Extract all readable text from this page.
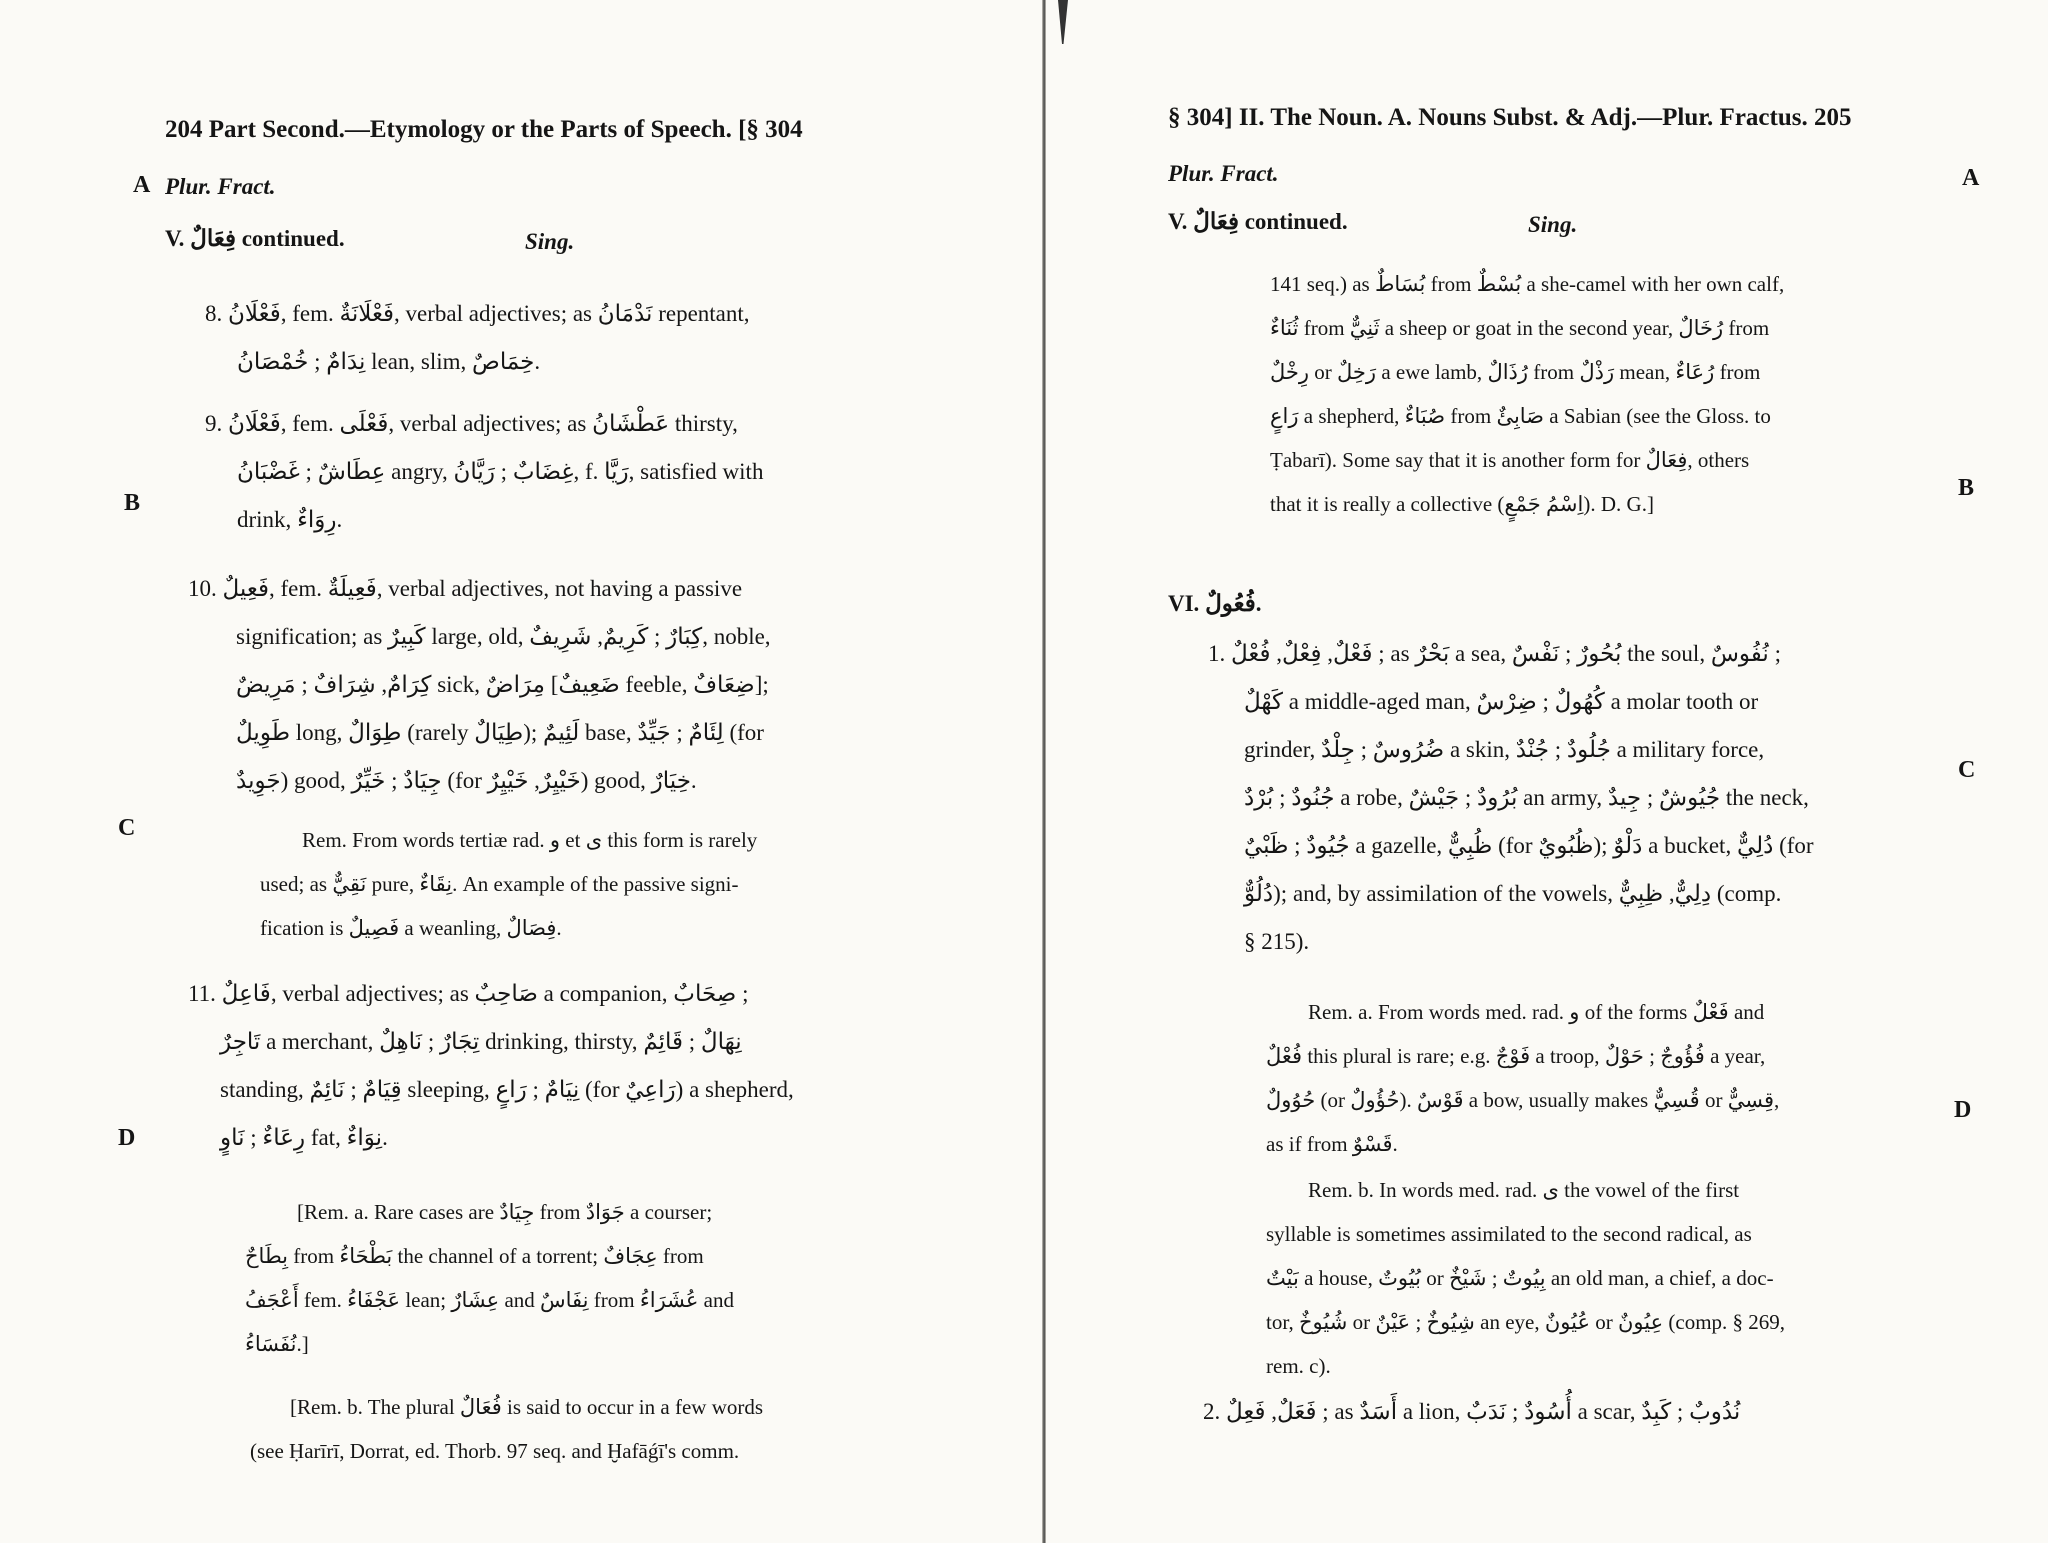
204 Part Second.—Etymology or the Parts of Speech. [§ 304
Plur. Fract.
A
V. فِعَالٌ continued.	Sing.
8. فَعْلَانُ, fem. فَعْلَانَةٌ, verbal adjectives; as نَدْمَانُ repentant,
نِدَامٌ ; خُمْصَانُ lean, slim, خِمَاصٌ.
9. فَعْلَانُ, fem. فَعْلَى, verbal adjectives; as عَطْشَانُ thirsty,
عِطَاشٌ ; غَضْبَانُ angry, غِضَابٌ ; رَيَّانُ, f. رَيَّا, satisfied with
drink, رِوَاءٌ.
B
10. فَعِيلٌ, fem. فَعِيلَةٌ, verbal adjectives, not having a passive
signification; as كَبِيرٌ large, old, كِبَارٌ ; كَرِيمٌ, شَرِيفٌ, noble,
كِرَامٌ, شِرَافٌ ; مَرِيضٌ sick, مِرَاضٌ [ضَعِيفٌ feeble, ضِعَافٌ];
طَوِيلٌ long, طِوَالٌ (rarely طِيَالٌ); لَئِيمٌ base, لِئَامٌ ; جَيِّدٌ (for
جَوِيدٌ) good, جِيَادٌ ; خَيِّرٌ (for خَيْيِرٌ, خَيْيِرٌ) good, خِيَارٌ.
C	Rem. From words tertiæ rad. و et ى this form is rarely
used; as نَقِيٌّ pure, نِقَاءٌ. An example of the passive signi-
fication is فَصِيلٌ a weanling, فِصَالٌ.
11. فَاعِلٌ, verbal adjectives; as صَاحِبٌ a companion, صِحَابٌ ;
تَاجِرٌ a merchant, تِجَارٌ ; نَاهِلٌ drinking, thirsty, نِهَالٌ ; قَائِمٌ
standing, قِيَامٌ ; نَائِمٌ sleeping, نِيَامٌ ; رَاعٍ (for رَاعِيٌ) a shepherd,
رِعَاءٌ ; نَاوٍ fat, نِوَاءٌ.
D
[Rem. a. Rare cases are جِيَادٌ from جَوَادٌ a courser;
بِطَاحٌ from بَطْحَاءُ the channel of a torrent; عِجَافٌ from
أَعْجَفُ fem. عَجْفَاءُ lean; عِشَارٌ and نِفَاسٌ from عُشَرَاءُ and
نُفَسَاءُ.]
[Rem. b. The plural فُعَالٌ is said to occur in a few words
(see Ḥarīrī, Dorrat, ed. Thorb. 97 seq. and Ḫafāǵī's comm.
§ 304] II. The Noun. A. Nouns Subst. & Adj.—Plur. Fractus. 205
Plur. Fract.	A
V. فِعَالٌ continued.	Sing.
141 seq.) as بُسَاطٌ from بُسْطٌ a she-camel with her own calf,
ثُنَاءٌ from ثَنِيٌّ a sheep or goat in the second year, رُخَالٌ from
رِخْلٌ or رَخِلٌ a ewe lamb, رُذَالٌ from رَذْلٌ mean, رُعَاءٌ from
رَاعٍ a shepherd, صُبَاءٌ from صَابِئٌ a Sabian (see the Gloss. to
Ṭabarī). Some say that it is another form for فِعَالٌ, others
that it is really a collective (اِسْمُ جَمْعٍ). D. G.]
B
VI. فُعُولٌ.
1. فَعْلٌ, فِعْلٌ, فُعْلٌ ; as بَحْرٌ a sea, بُحُورٌ ; نَفْسٌ the soul, نُفُوسٌ ;
كَهْلٌ a middle-aged man, كُهُولٌ ; ضِرْسٌ a molar tooth or
grinder, ضُرُوسٌ ; جِلْدٌ a skin, جُلُودٌ ; جُنْدٌ a military force,
جُنُودٌ ; بُرْدٌ a robe, بُرُودٌ ; جَيْشٌ an army, جُيُوشٌ ; جِيدٌ the neck,
جُيُودٌ ; ظَبْيٌ a gazelle, ظُبِيٌّ (for ظُبُويٌ); دَلْوٌ a bucket, دُلِيٌّ (for
دُلُوٌّ); and, by assimilation of the vowels, دِلِيٌّ, ظِبِيٌّ (comp.
§ 215).
C
Rem. a. From words med. rad. و of the forms فَعْلٌ and
فُعْلٌ this plural is rare; e.g. فَوْجٌ a troop, فُؤُوجٌ ; حَوْلٌ a year,
حُوُولٌ (or حُؤُولٌ). قَوْسٌ a bow, usually makes قُسِيٌّ or قِسِيٌّ,
as if from قَسْوٌ.
D
Rem. b. In words med. rad. ى the vowel of the first
syllable is sometimes assimilated to the second radical, as
بَيْتٌ a house, بُيُوتٌ or بِيُوتٌ ; شَيْخٌ an old man, a chief, a doc-
tor, شُيُوخٌ or شِيُوخٌ ; عَيْنٌ an eye, عُيُونٌ or عِيُونٌ (comp. § 269,
rem. c).
2. فَعَلٌ, فَعِلٌ ; as أَسَدٌ a lion, أُسُودٌ ; نَدَبٌ a scar, نُدُوبٌ ; كَبِدٌ
